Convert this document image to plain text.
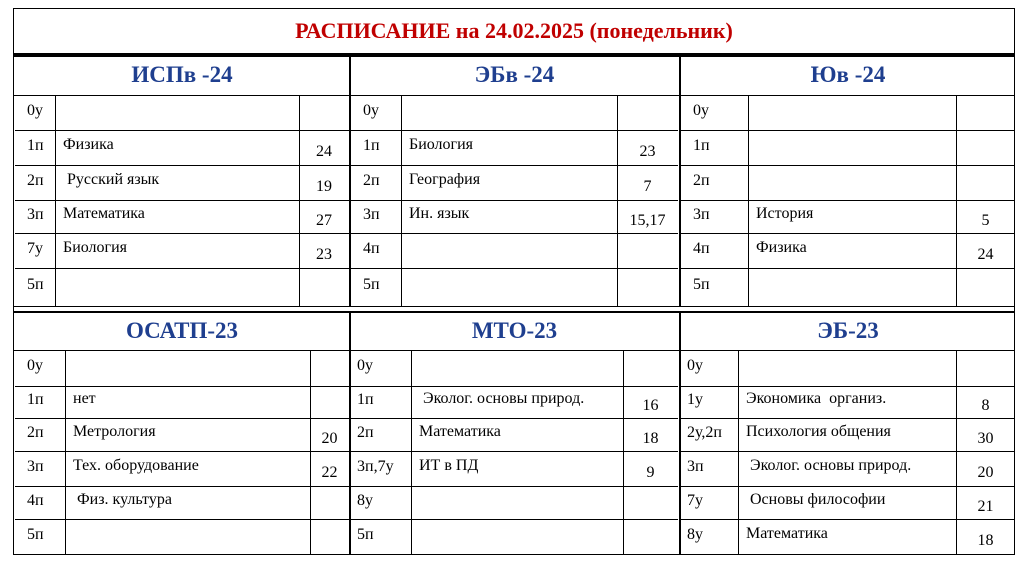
РАСПИСАНИЕ на 24.02.2025 (понедельник)
ИСПв -24
0у
1п Физика	24
2п Русский язык	19
3п Математика	27
7у Биология	23
5п
ЭБв -24
0у
1п Биология	23
2п География	7
3п Ин. язык	15,17
4п
5п
Юв -24
0у
1п
2п
3п	История	5
4п	Физика	24
5п
ОСАТП-23
0у
1п нет
2п Метрология	20
3п Тех. оборудование	22
4п Физ. культура
5п
МТО-23
0у
1п	Эколог. основы природ.	16
2п	Математика	18
3п,7у ИТ в ПД	9
8у
5п
ЭБ-23
0у
1у	Экономика  организ.	8
2у,2п Психология общения	30
3п	Эколог. основы природ.	20
7у	Основы философии	21
8у	Математика	18
